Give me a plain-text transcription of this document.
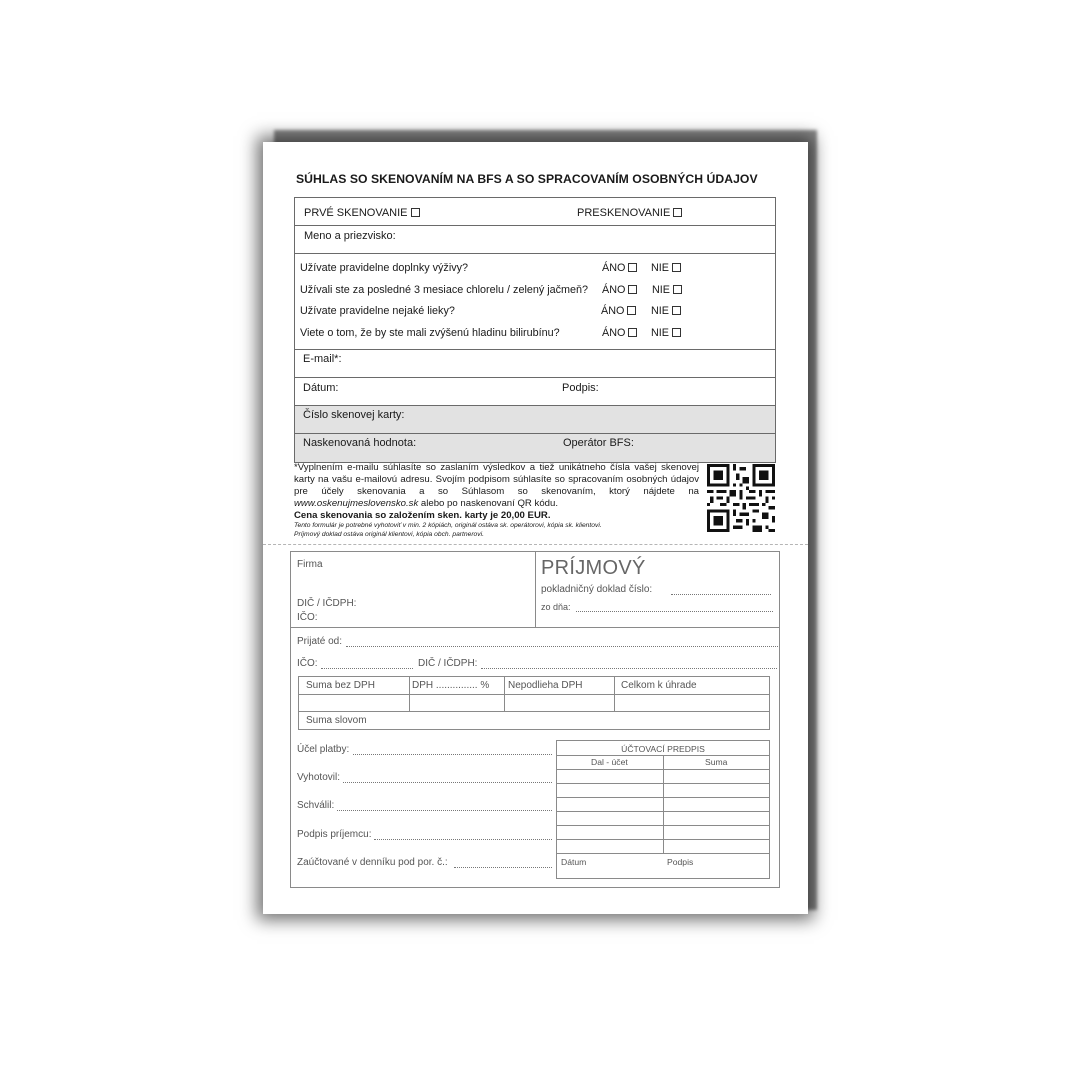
SÚHLAS SO SKENOVANÍM NA BFS A SO SPRACOVANÍM OSOBNÝCH ÚDAJOV
PRVÉ SKENOVANIE	PRESKENOVANIE
Meno a priezvisko:
Užívate pravidelne doplnky výživy?	ÁNO	NIE
Užívali ste za posledné 3 mesiace chlorelu / zelený jačmeň? ÁNO	NIE
Užívate pravidelne nejaké lieky?	ÁNO	NIE
Viete o tom, že by ste mali zvýšenú hladinu bilirubínu?	ÁNO	NIE
E-mail*:
Dátum:	Podpis:
Číslo skenovej karty:
Naskenovaná hodnota:	Operátor BFS:
*Vyplnením e-mailu súhlasíte so zaslaním výsledkov a tiež unikátneho čísla vašej skenovej karty na vašu e-mailovú adresu. Svojím podpisom súhlasíte so spracovaním osobných údajov pre účely skenovania a so Súhlasom so skenovaním, ktorý nájdete na www.oskenujmeslovensko.sk alebo po naskenovaní QR kódu.
Cena skenovania so založením sken. karty je 20,00 EUR.
Tento formulár je potrebné vyhotoviť v min. 2 kópiách, originál ostáva sk. operátorovi, kópia sk. klientovi.
Príjmový doklad ostáva originál klientovi, kópia obch. partnerovi.
Firma
DIČ / IČDPH:
IČO:
PRÍJMOVÝ
pokladničný doklad číslo:
zo dňa:
Prijaté od:
IČO:	DIČ / IČDPH:
Suma bez DPH	DPH ............... % Nepodlieha DPH	Celkom k úhrade
Suma slovom
Účel platby:
Vyhotovil:
Schválil:
Podpis príjemcu:
Zaúčtované v denníku pod por. č.:
ÚČTOVACÍ PREDPIS
Dal - účet	Suma
Dátum	Podpis
